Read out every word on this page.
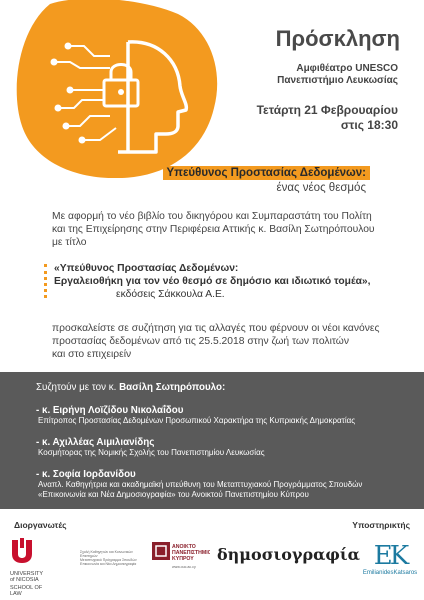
Πρόσκληση
Αμφιθέατρο UNESCO
Πανεπιστήμιο Λευκωσίας
Τετάρτη 21 Φεβρουαρίου
στις 18:30
Υπεύθυνος Προστασίας Δεδομένων:
ένας νέος θεσμός
Με αφορμή το νέο βιβλίο του δικηγόρου και Συμπαραστάτη του Πολίτη
και της Επιχείρησης στην Περιφέρεια Αττικής κ. Βασίλη Σωτηρόπουλου
με τίτλο
«Υπεύθυνος Προστασίας Δεδομένων:
Εργαλειοθήκη για τον νέο θεσμό σε δημόσιο και ιδιωτικό τομέα»,
εκδόσεις Σάκκουλα Α.Ε.
προσκαλείστε σε συζήτηση για τις αλλαγές που φέρνουν οι νέοι κανόνες
προστασίας δεδομένων από τις 25.5.2018 στην ζωή των πολιτών
και στο επιχειρείν
Συζητούν με τον κ. Βασίλη Σωτηρόπουλο:
- κ. Ειρήνη Λοϊζίδου Νικολαΐδου
Επίτροπος Προστασίας Δεδομένων Προσωπικού Χαρακτήρα της Κυπριακής Δημοκρατίας
- κ. Αχιλλέας Αιμιλιανίδης
Κοσμήτορας της Νομικής Σχολής του Πανεπιστημίου Λευκωσίας
- κ. Σοφία Ιορδανίδου
Αναπλ. Καθηγήτρια και ακαδημαϊκή υπεύθυνη του Μεταπτυχιακού Προγράμματος Σπουδών
«Επικοινωνία και Νέα Δημοσιογραφία» του Ανοικτού Πανεπιστημίου Κύπρου
Διοργανωτές	Υποστηρικτής
UNIVERSITY
of NICOSIA
SCHOOL OF LAW
Σχολή Καθηγητών και Κοινωνικών Επιστημών
Μεταπτυχιακό Πρόγραμμα Σπουδών
Επικοινωνία και Νέα Δημοσιογραφία
ΑΝΟΙΚΤΟ
ΠΑΝΕΠΙΣΤΗΜΙΟ
ΚΥΠΡΟΥ
www.ouc.ac.cy
δημοσιογραφία EK
EmilianidesKatsaros
